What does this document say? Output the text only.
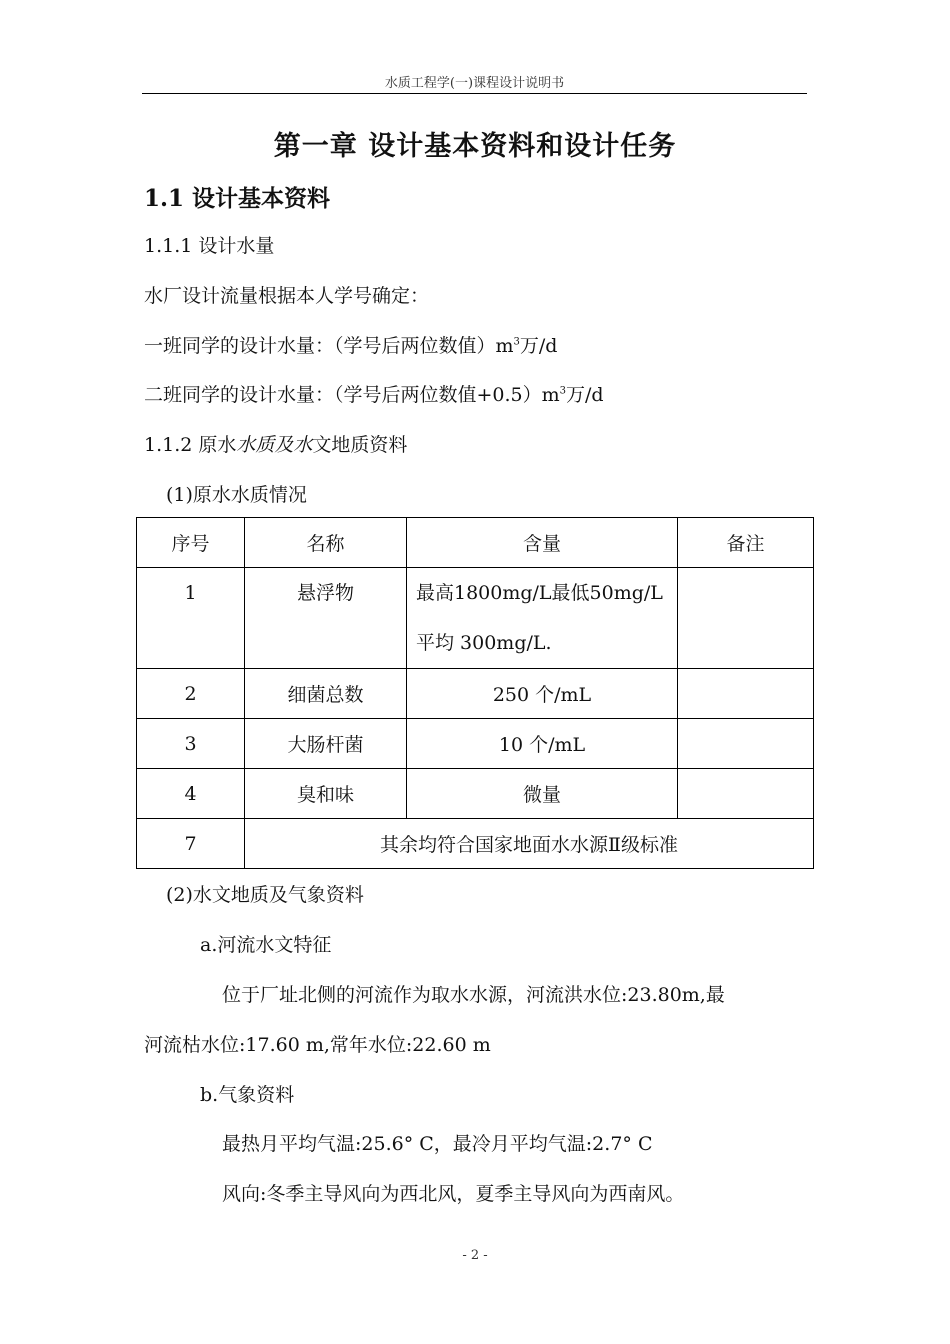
水质工程学(一)课程设计说明书
第一章 设计基本资料和设计任务
1.1 设计基本资料
1.1.1 设计水量
水厂设计流量根据本人学号确定：
一班同学的设计水量：（学号后两位数值）$m^3$万/d
二班同学的设计水量：（学号后两位数值$+0.5)m^3$万/d
1.1.2 原水水质及水文地质资料
(1)原水水质情况
序号	名称	含量	备注

1	悬浮物	最高1800mg/L最低50mg/L
平均 300mg/L.	

2	细菌总数	250 个/mL	
3	大肠杆菌	10 个/mL	
4	臭和味	微量	
7	其余均符合国家地面水水源Ⅱ级标准		
(2)水文地质及气象资料
a.河流水文特征
位于厂址北侧的河流作为取水水源，河流洪水位:23.80m,最
河流枯水位:17.60 m,常年水位:22.60 m
b.气象资料
最热月平均气温:25.6° C，最冷月平均气温:2.7° C
风向:冬季主导风向为西北风，夏季主导风向为西南风。
- 2 -
